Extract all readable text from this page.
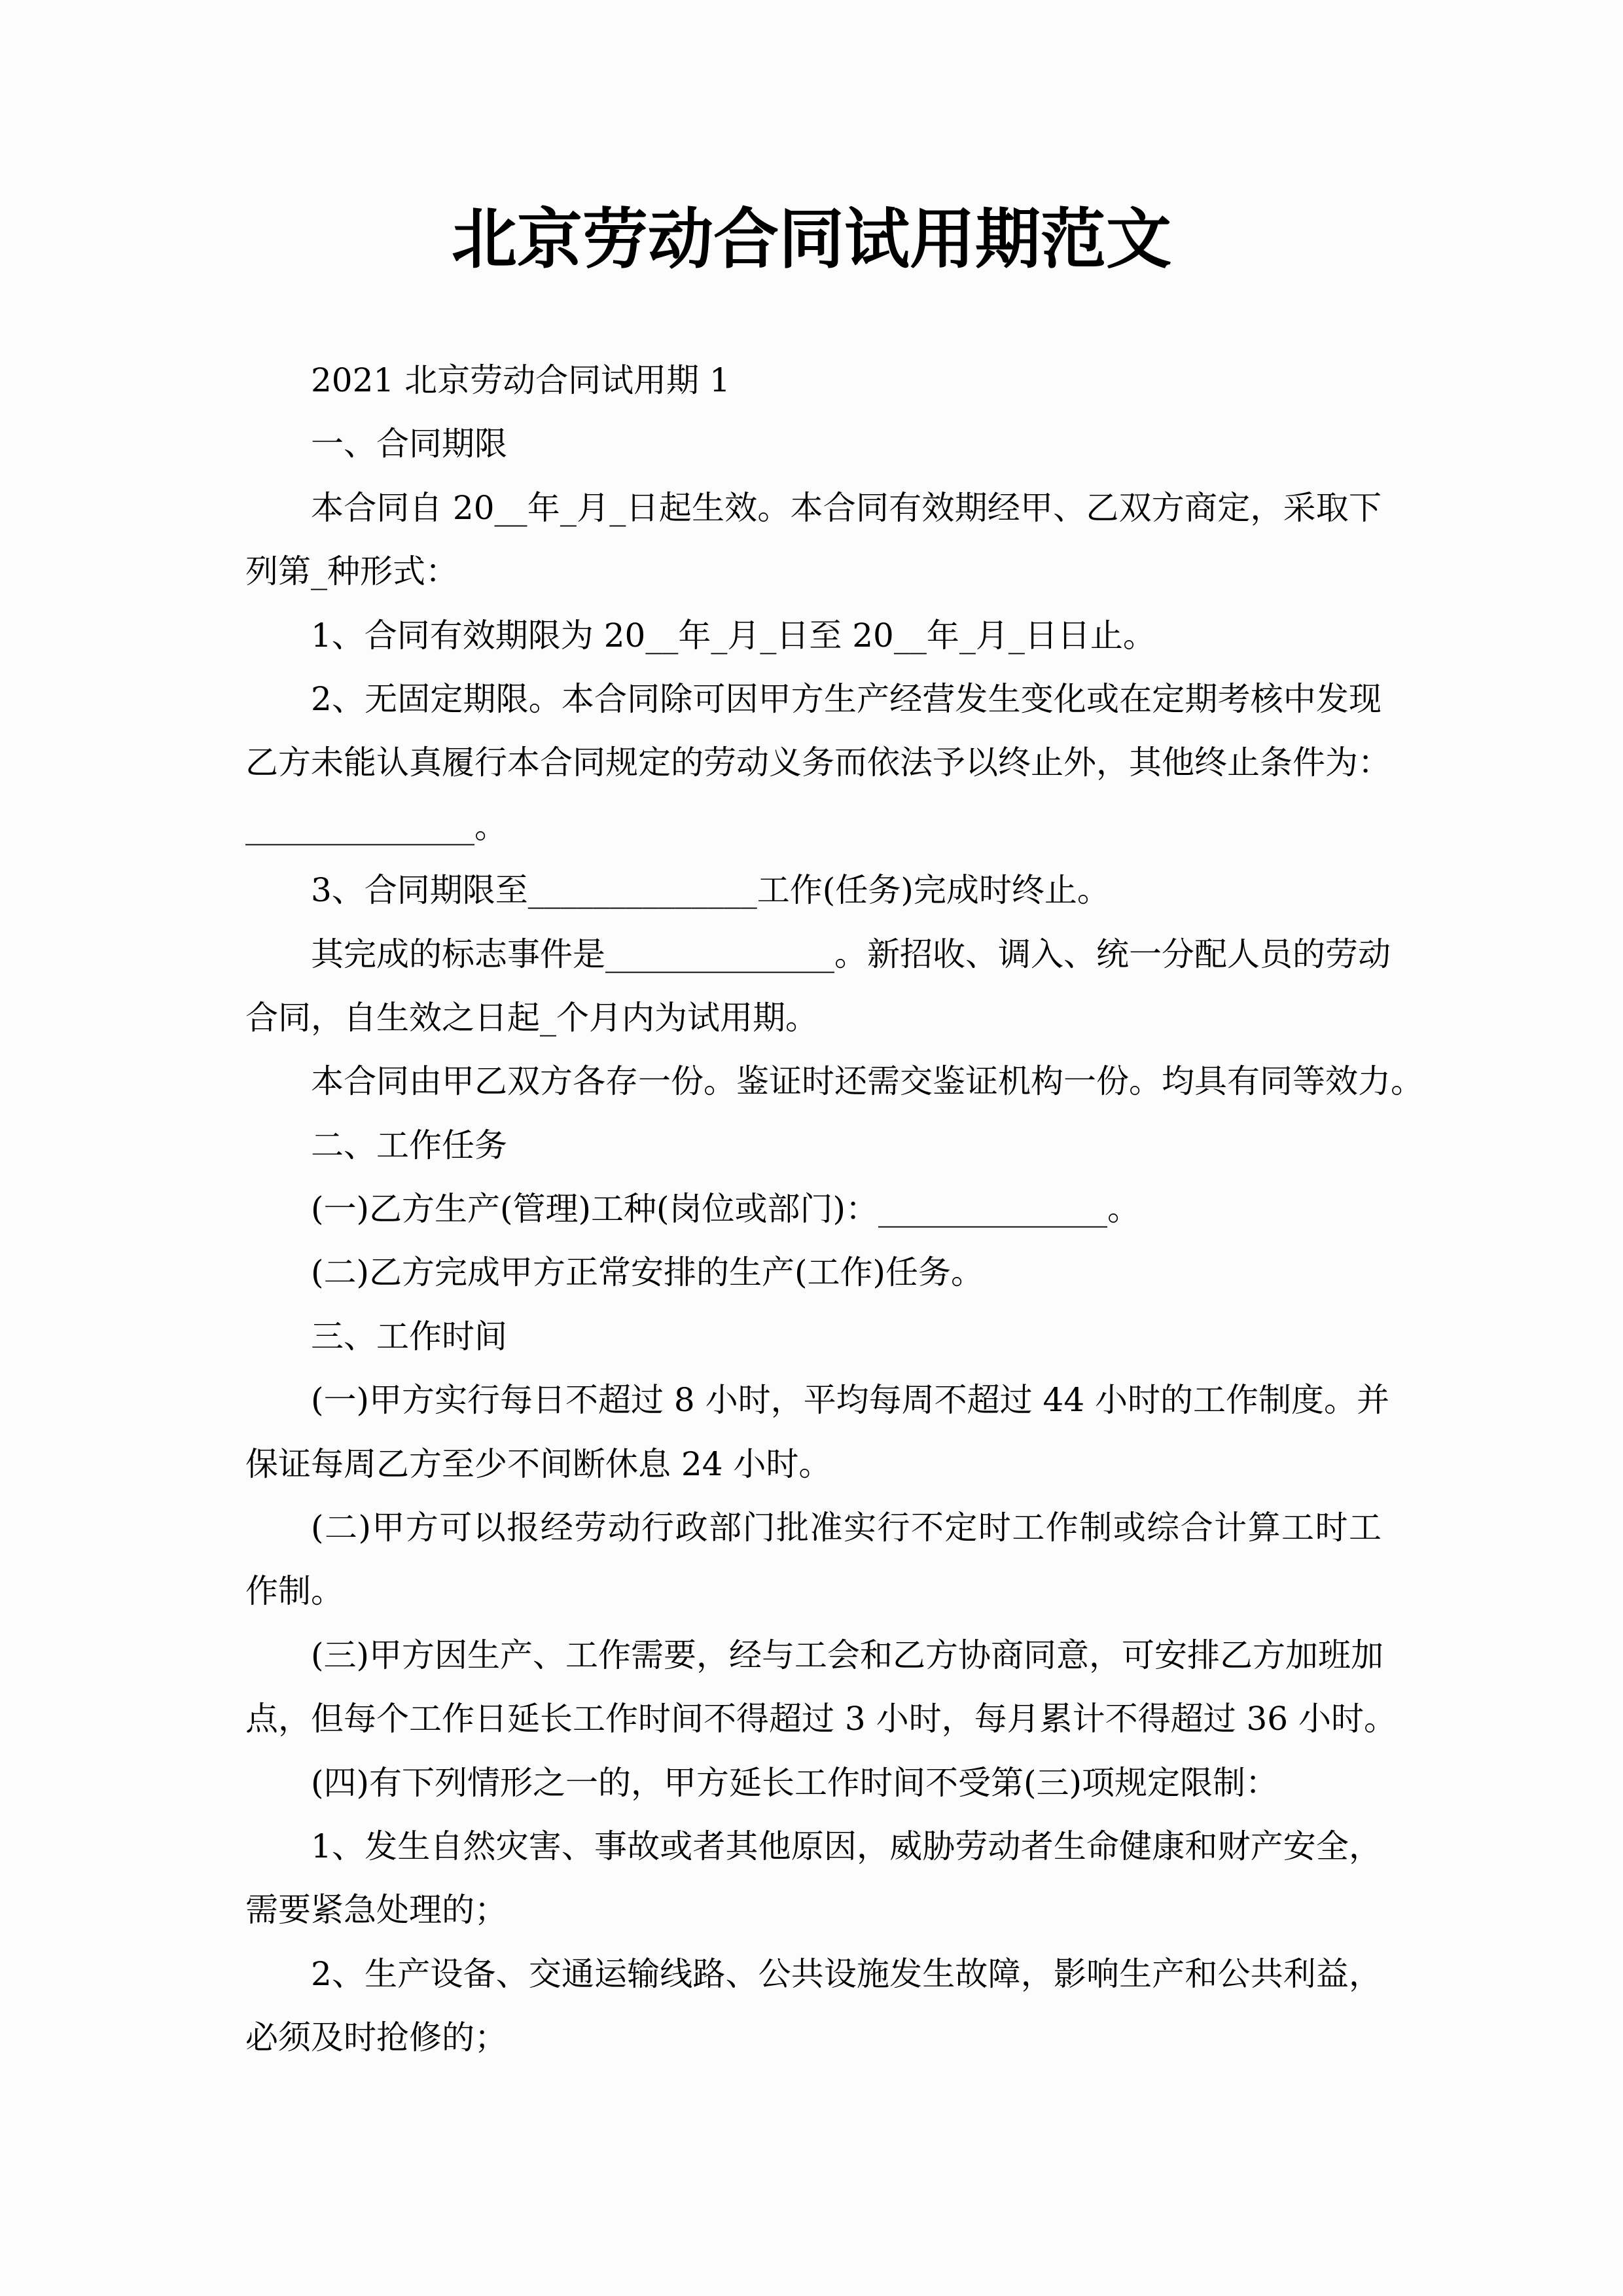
北京劳动合同试用期范文
2021 北京劳动合同试用期 1
一、合同期限
本合同自 20__年_月_日起生效。本合同有效期经甲、乙双方商定，采取下
列第_种形式：
1、合同有效期限为 20__年_月_日至 20__年_月_日日止。
2、无固定期限。本合同除可因甲方生产经营发生变化或在定期考核中发现
乙方未能认真履行本合同规定的劳动义务而依法予以终止外，其他终止条件为：
______________。
3、合同期限至______________工作(任务)完成时终止。
其完成的标志事件是______________。新招收、调入、统一分配人员的劳动
合同，自生效之日起_个月内为试用期。
本合同由甲乙双方各存一份。鉴证时还需交鉴证机构一份。均具有同等效力。
二、工作任务
(一)乙方生产(管理)工种(岗位或部门)：______________。
(二)乙方完成甲方正常安排的生产(工作)任务。
三、工作时间
(一)甲方实行每日不超过 8 小时，平均每周不超过 44 小时的工作制度。并
保证每周乙方至少不间断休息 24 小时。
(二)甲方可以报经劳动行政部门批准实行不定时工作制或综合计算工时工
作制。
(三)甲方因生产、工作需要，经与工会和乙方协商同意，可安排乙方加班加
点，但每个工作日延长工作时间不得超过 3 小时，每月累计不得超过 36 小时。
(四)有下列情形之一的，甲方延长工作时间不受第(三)项规定限制：
1、发生自然灾害、事故或者其他原因，威胁劳动者生命健康和财产安全，
需要紧急处理的；
2、生产设备、交通运输线路、公共设施发生故障，影响生产和公共利益，
必须及时抢修的；
